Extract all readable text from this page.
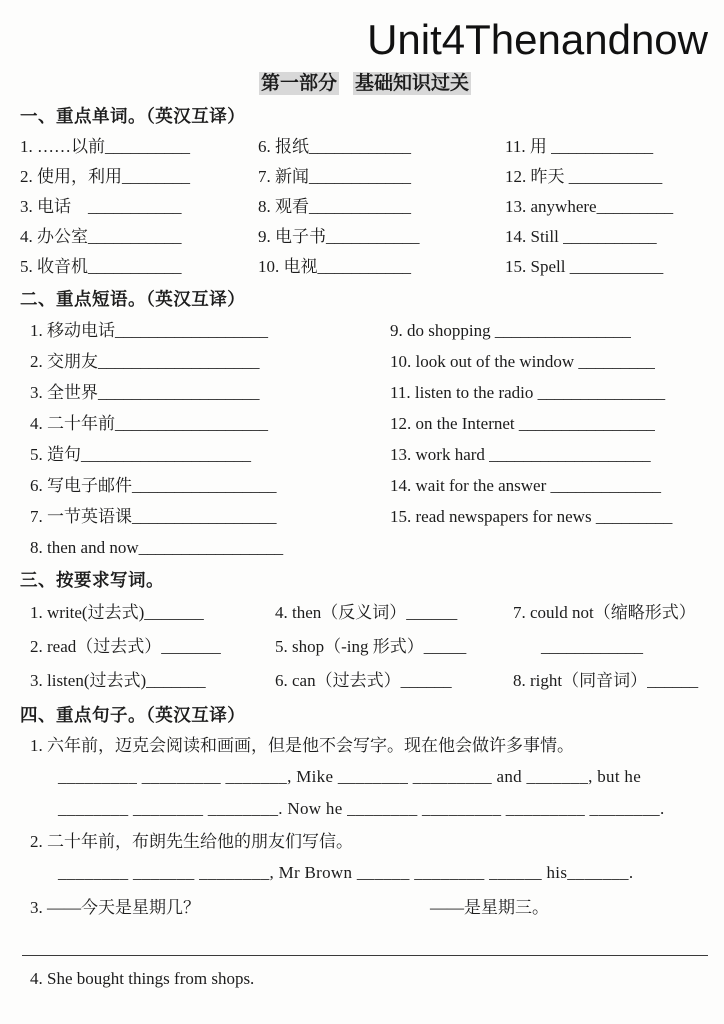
Unit4Thenandnow
第一部分 基础知识过关
一、重点单词。（英汉互译）
1. ……以前__________
2. 使用，利用________
3. 电话　___________
4. 办公室___________
5. 收音机___________
6. 报纸____________
7. 新闻____________
8. 观看____________
9. 电子书___________
10. 电视___________
11. 用 ____________
12. 昨天 ___________
13. anywhere_________
14. Still ___________
15. Spell ___________
二、重点短语。（英汉互译）
1. 移动电话__________________
2. 交朋友___________________
3. 全世界___________________
4. 二十年前__________________
5. 造句____________________
6. 写电子邮件_________________
7. 一节英语课_________________
8. then and now_________________
9. do shopping ________________
10. look out of the window _________
11. listen to the radio _______________
12. on the Internet ________________
13. work hard ___________________
14. wait for the answer _____________
15. read newspapers for news _________
三、按要求写词。
1. write(过去式)_______
2. read（过去式）_______
3. listen(过去式)_______
4. then（反义词）______
5. shop（-ing 形式）_____
6. can（过去式）______
7. could not（缩略形式）
____________
8. right（同音词）______
四、重点句子。（英汉互译）
1. 六年前，迈克会阅读和画画，但是他不会写字。现在他会做许多事情。
_________ _________ _______, Mike ________ _________ and _______, but he
________ ________ ________. Now he ________ _________ _________ ________.
2. 二十年前，布朗先生给他的朋友们写信。
________ _______ ________, Mr Brown ______ ________ ______ his_______.
3. ——今天是星期几？	——是星期三。
4. She bought things from shops.
